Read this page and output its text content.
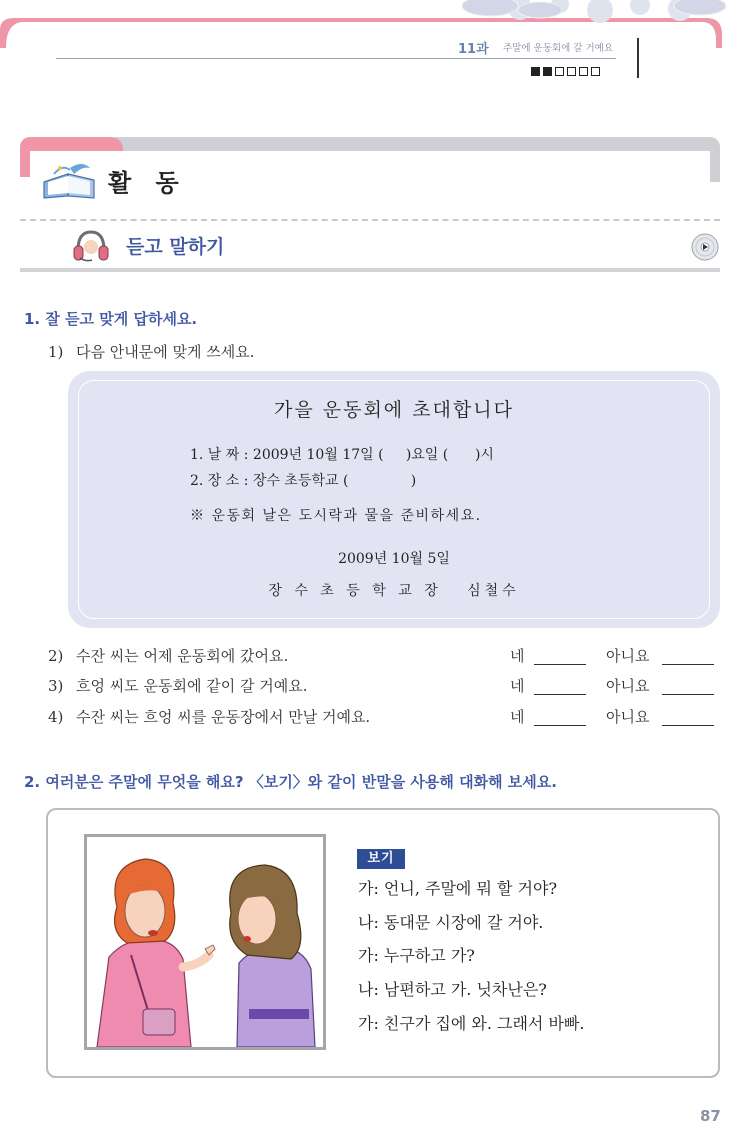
11과 주말에 운동회에 갈 거예요
활 동
듣고 말하기
1. 잘 듣고 맞게 답하세요.
1) 다음 안내문에 맞게 쓰세요.
가을 운동회에 초대합니다
1. 날 짜 : 2009년 10월 17일 (     )요일 (      )시
2. 장 소 : 장수 초등학교 (              )
※ 운동회 날은 도시락과 물을 준비하세요.
2009년 10월 5일
장 수 초 등 학 교 장   심철수
2) 수잔 씨는 어제 운동회에 갔어요.	네	아니요
3) 흐엉 씨도 운동회에 같이 갈 거예요.	네	아니요
4) 수잔 씨는 흐엉 씨를 운동장에서 만날 거예요.	네	아니요
2. 여러분은 주말에 무엇을 해요? 〈보기〉와 같이 반말을 사용해 대화해 보세요.
보기
가: 언니, 주말에 뭐 할 거야?
나: 동대문 시장에 갈 거야.
가: 누구하고 가?
나: 남편하고 가. 닛차난은?
가: 친구가 집에 와. 그래서 바빠.
87
